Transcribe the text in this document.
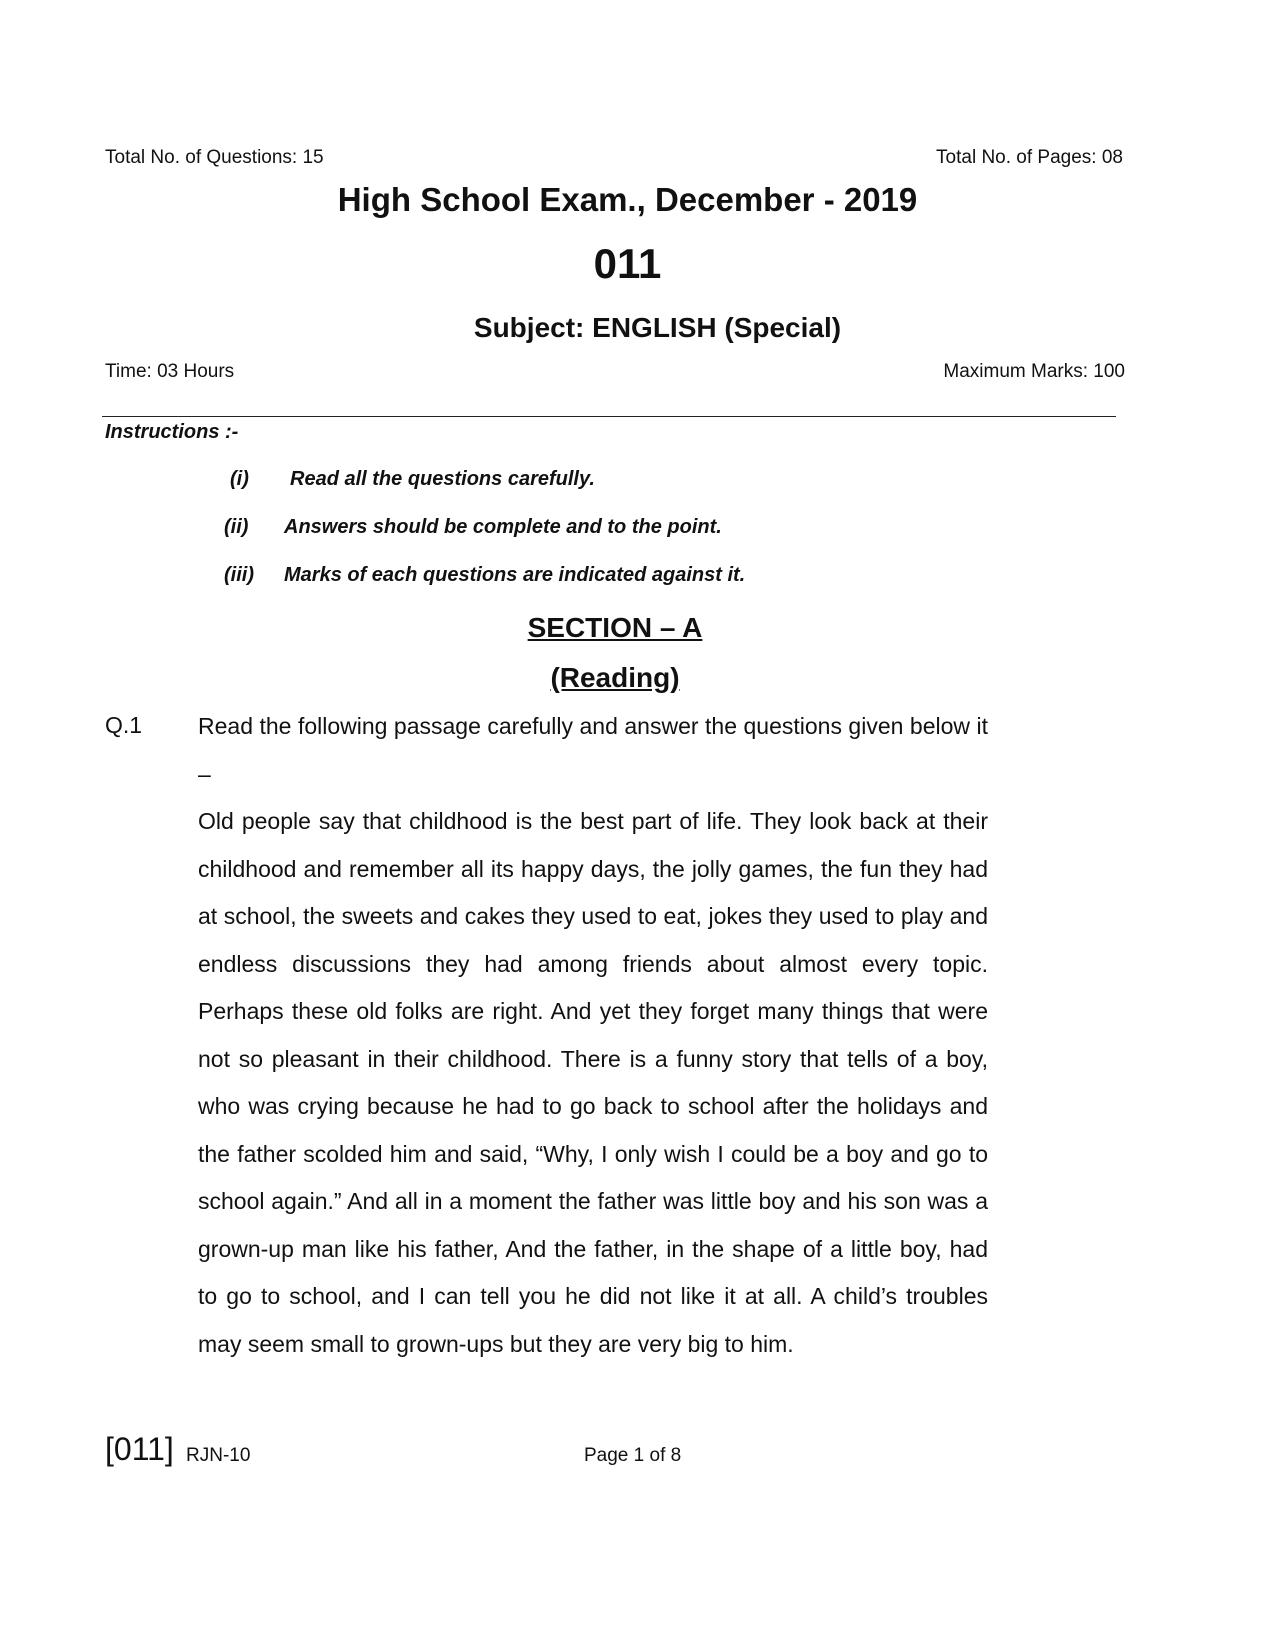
Total No. of Questions: 15	Total No. of Pages: 08

High School Exam., December - 2019
011
Subject: ENGLISH (Special)

Time: 03 Hours	Maximum Marks: 100

Instructions :-

(i) Read all the questions carefully.
(ii) Answers should be complete and to the point.
(iii) Marks of each questions are indicated against it.
SECTION – A
(Reading)

Q.1 Read the following passage carefully and answer the questions given below it –

Old people say that childhood is the best part of life. They look back at their childhood and remember all its happy days, the jolly games, the fun they had at school, the sweets and cakes they used to eat, jokes they used to play and endless discussions they had among friends about almost every topic. Perhaps these old folks are right. And yet they forget many things that were not so pleasant in their childhood. There is a funny story that tells of a boy, who was crying because he had to go back to school after the holidays and the father scolded him and said, “Why, I only wish I could be a boy and go to school again.” And all in a moment the father was little boy and his son was a grown-up man like his father, And the father, in the shape of a little boy, had to go to school, and I can tell you he did not like it at all. A child’s troubles may seem small to grown-ups but they are very big to him.

[011] RJN-10	Page 1 of 8
